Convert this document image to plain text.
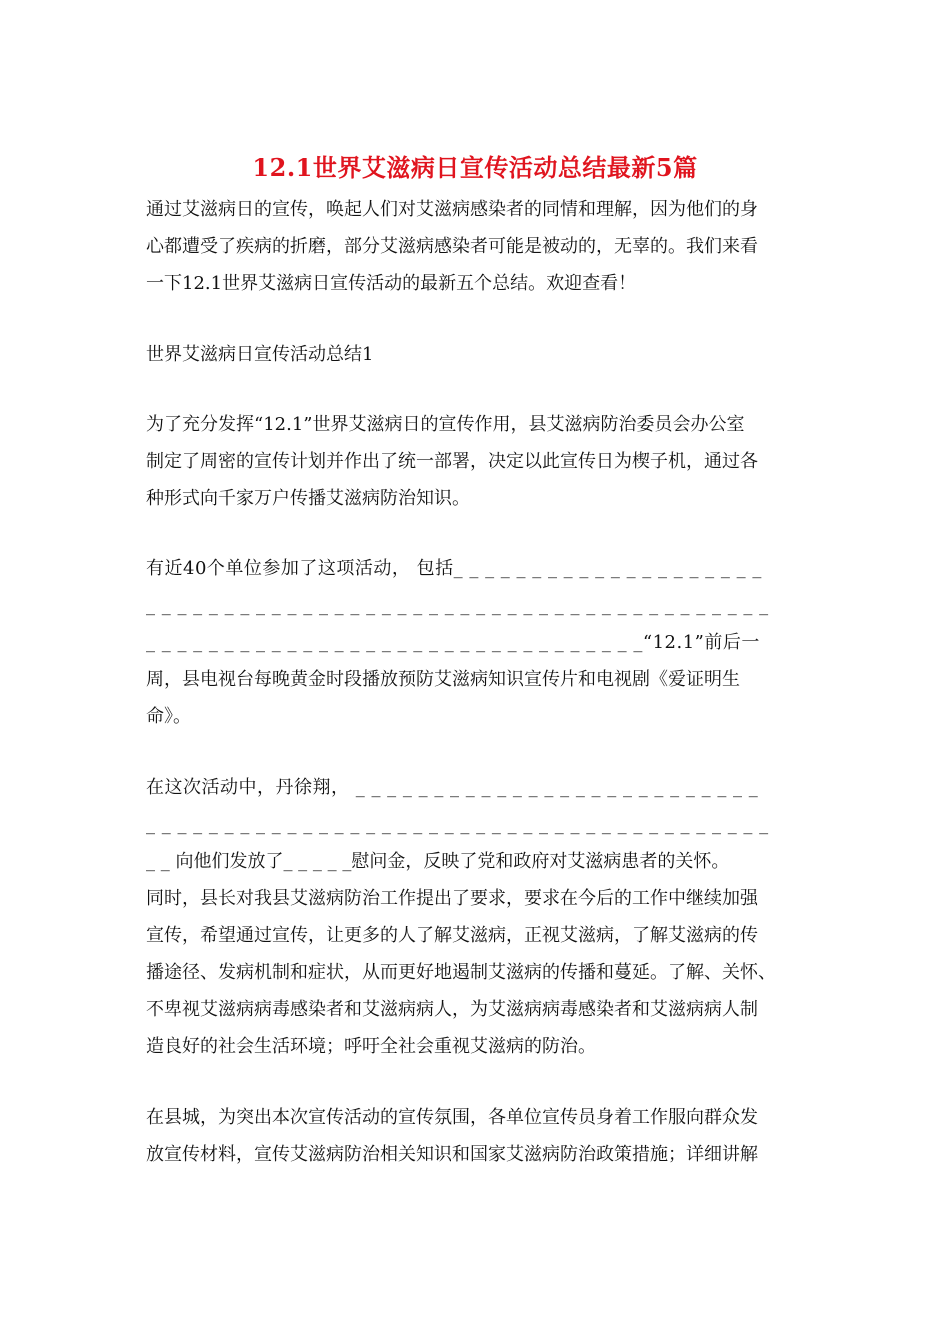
12.1世界艾滋病日宣传活动总结最新5篇
通过艾滋病日的宣传，唤起人们对艾滋病感染者的同情和理解，因为他们的身
心都遭受了疾病的折磨，部分艾滋病感染者可能是被动的，无辜的。我们来看
一下12.1世界艾滋病日宣传活动的最新五个总结。欢迎查看！
世界艾滋病日宣传活动总结1
为了充分发挥“12.1”世界艾滋病日的宣传作用，县艾滋病防治委员会办公室
制定了周密的宣传计划并作出了统一部署，决定以此宣传日为楔子机，通过各
种形式向千家万户传播艾滋病防治知识。
有近40个单位参加了这项活动， 包括_ _ _ _ _ _ _ _ _ _ _ _ _ _ _ _ _ _ _ _
_ _ _ _ _ _ _ _ _ _ _ _ _ _ _ _ _ _ _ _ _ _ _ _ _ _ _ _ _ _ _ _ _ _ _ _ _ _ _ _
_ _ _ _ _ _ _ _ _ _ _ _ _ _ _ _ _ _ _ _ _ _ _ _ _ _ _ _ _ _ _ _“12.1”前后一
周，县电视台每晚黄金时段播放预防艾滋病知识宣传片和电视剧《爱证明生
命》。
在这次活动中，丹徐翔， _ _ _ _ _ _ _ _ _ _ _ _ _ _ _ _ _ _ _ _ _ _ _ _ _ _
_ _ _ _ _ _ _ _ _ _ _ _ _ _ _ _ _ _ _ _ _ _ _ _ _ _ _ _ _ _ _ _ _ _ _ _ _ _ _ _
_ _ 向他们发放了_ _ _ _ _慰问金，反映了党和政府对艾滋病患者的关怀。
同时，县长对我县艾滋病防治工作提出了要求，要求在今后的工作中继续加强
宣传，希望通过宣传，让更多的人了解艾滋病，正视艾滋病，了解艾滋病的传
播途径、发病机制和症状，从而更好地遏制艾滋病的传播和蔓延。了解、关怀、
不卑视艾滋病病毒感染者和艾滋病病人，为艾滋病病毒感染者和艾滋病病人制
造良好的社会生活环境；呼吁全社会重视艾滋病的防治。
在县城，为突出本次宣传活动的宣传氛围，各单位宣传员身着工作服向群众发
放宣传材料，宣传艾滋病防治相关知识和国家艾滋病防治政策措施；详细讲解
